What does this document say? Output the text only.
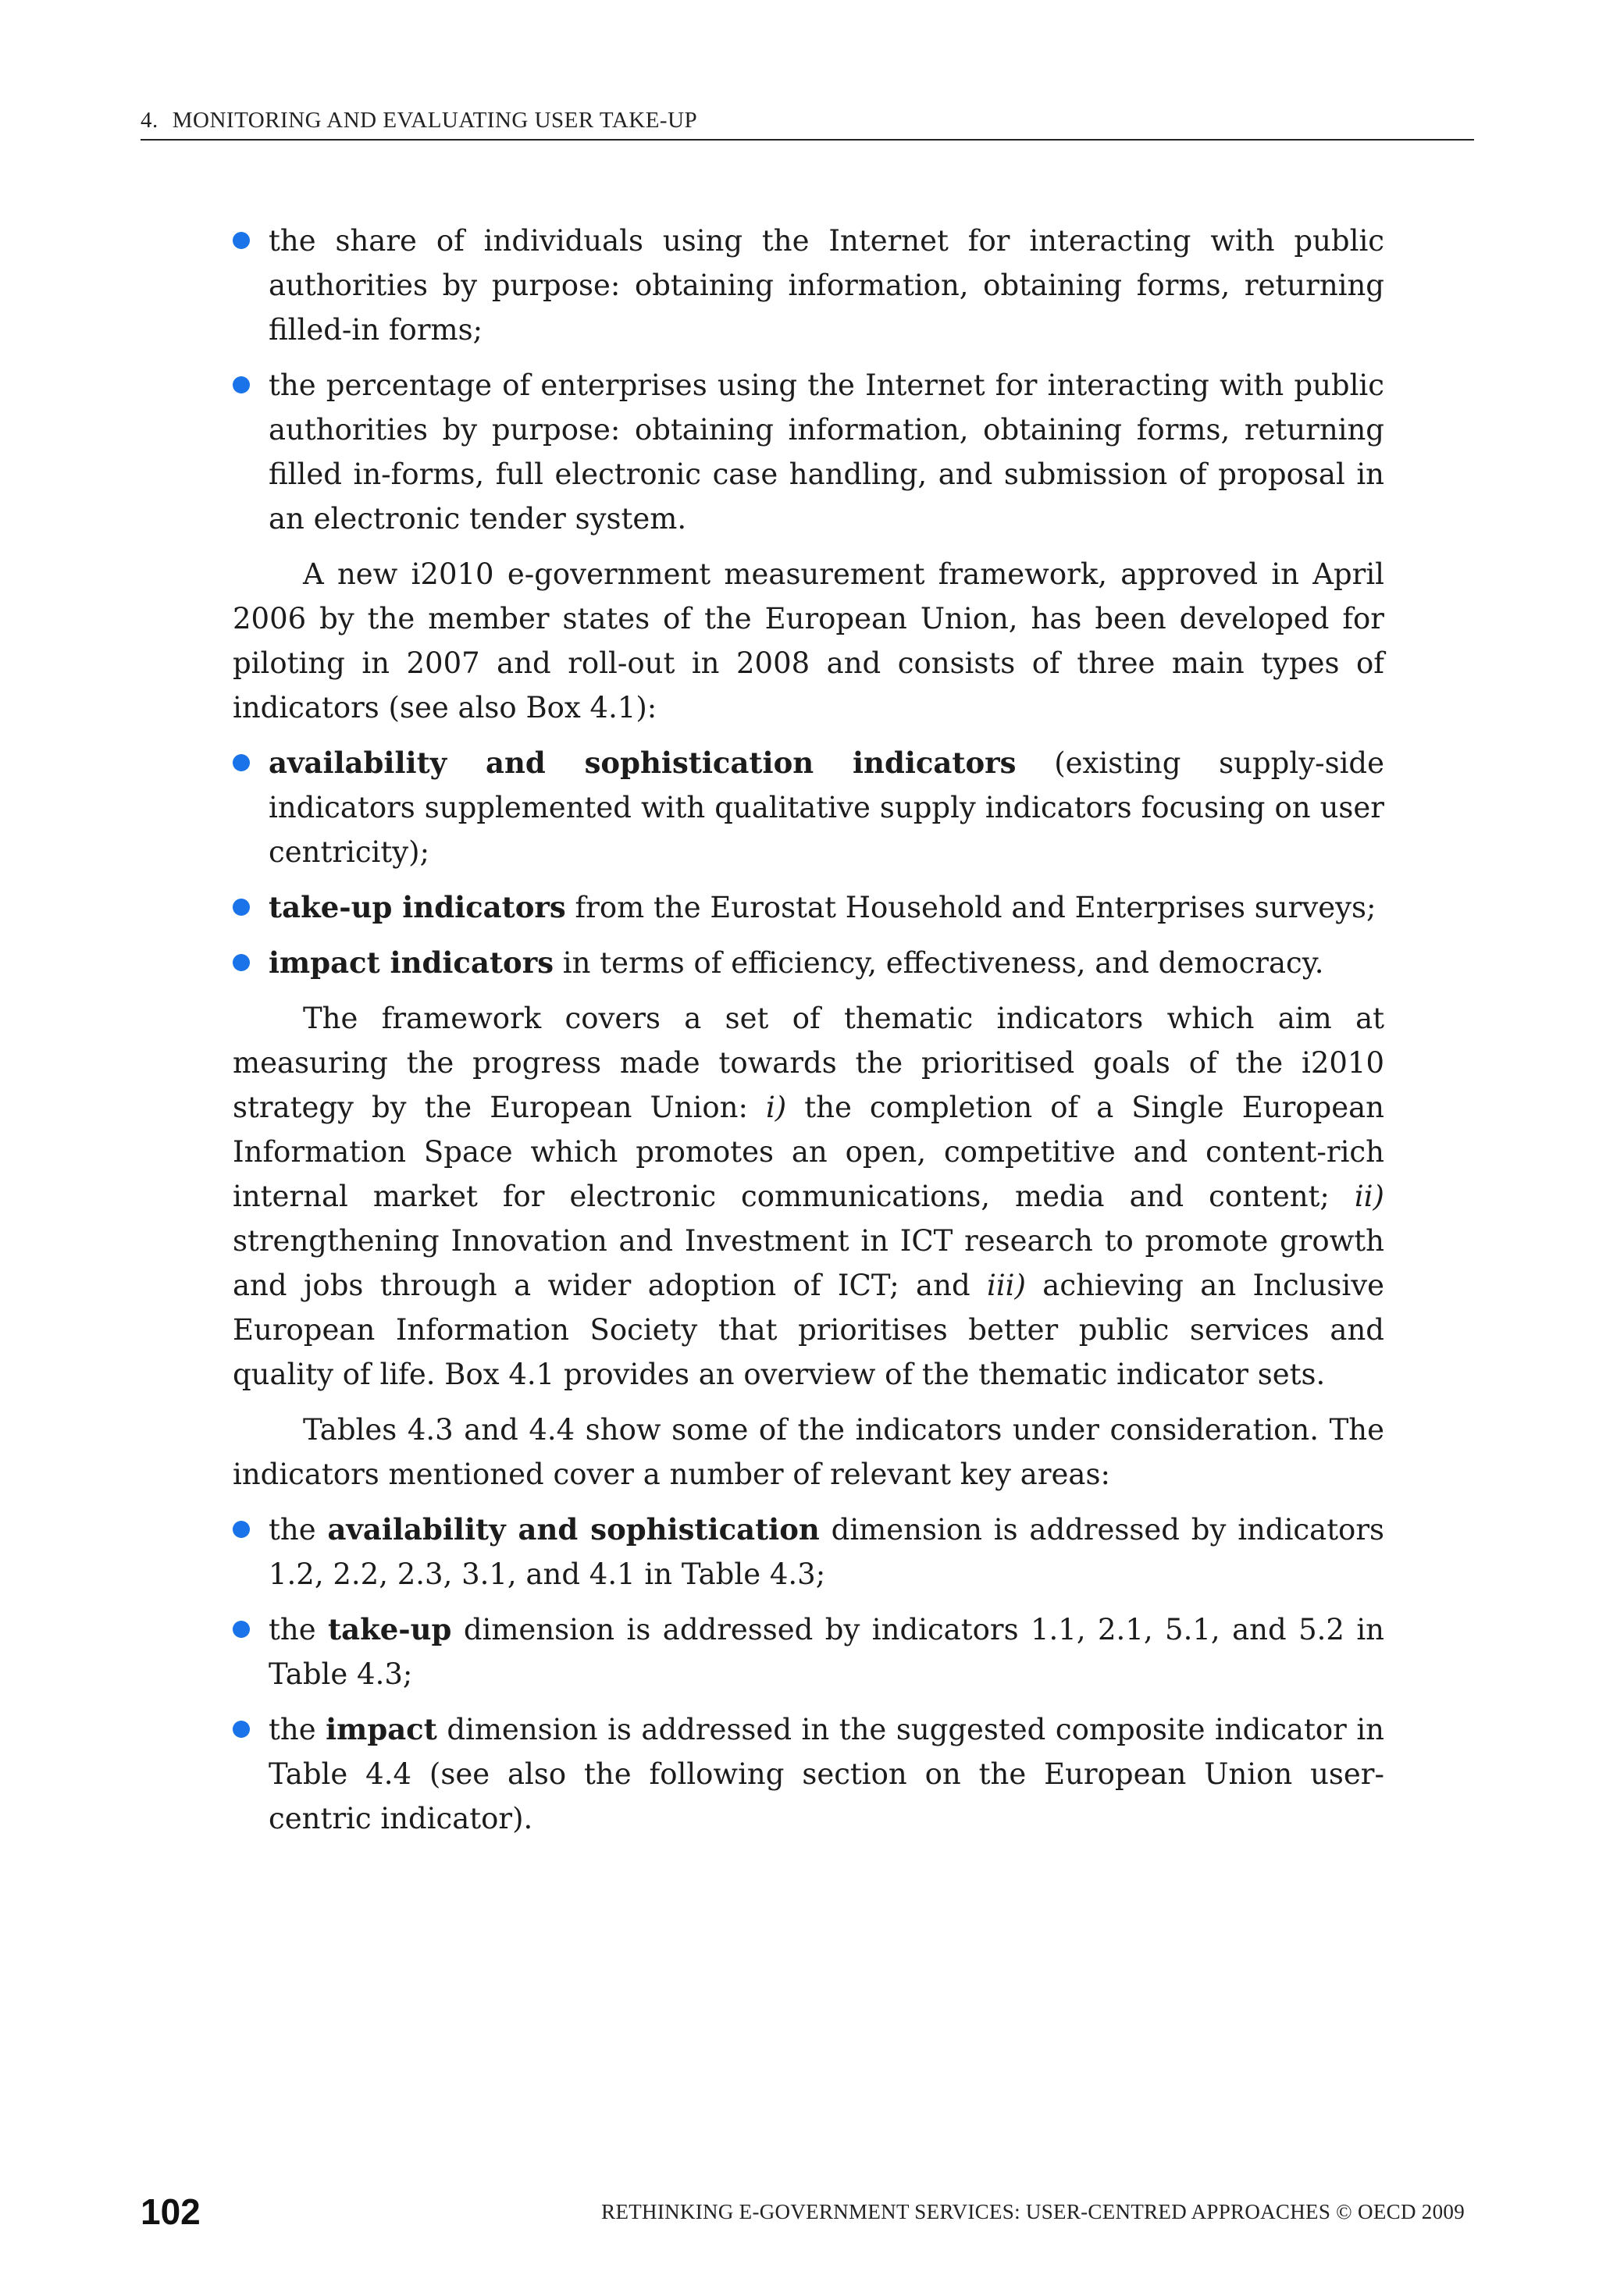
4. MONITORING AND EVALUATING USER TAKE-UP
the share of individuals using the Internet for interacting with public authorities by purpose: obtaining information, obtaining forms, returning filled-in forms;
the percentage of enterprises using the Internet for interacting with public authorities by purpose: obtaining information, obtaining forms, returning filled in-forms, full electronic case handling, and submission of proposal in an electronic tender system.

A new i2010 e-government measurement framework, approved in April 2006 by the member states of the European Union, has been developed for piloting in 2007 and roll-out in 2008 and consists of three main types of indicators (see also Box 4.1):

availability and sophistication indicators (existing supply-side indicators supplemented with qualitative supply indicators focusing on user centricity);
take-up indicators from the Eurostat Household and Enterprises surveys;
impact indicators in terms of efficiency, effectiveness, and democracy.

The framework covers a set of thematic indicators which aim at measuring the progress made towards the prioritised goals of the i2010 strategy by the European Union: i) the completion of a Single European Information Space which promotes an open, competitive and content-rich internal market for electronic communications, media and content; ii) strengthening Innovation and Investment in ICT research to promote growth and jobs through a wider adoption of ICT; and iii) achieving an Inclusive European Information Society that prioritises better public services and quality of life. Box 4.1 provides an overview of the thematic indicator sets.

Tables 4.3 and 4.4 show some of the indicators under consideration. The indicators mentioned cover a number of relevant key areas:

the availability and sophistication dimension is addressed by indicators 1.2, 2.2, 2.3, 3.1, and 4.1 in Table 4.3;
the take-up dimension is addressed by indicators 1.1, 2.1, 5.1, and 5.2 in Table 4.3;
the impact dimension is addressed in the suggested composite indicator in Table 4.4 (see also the following section on the European Union user-centric indicator).
102	RETHINKING E-GOVERNMENT SERVICES: USER-CENTRED APPROACHES © OECD 2009
